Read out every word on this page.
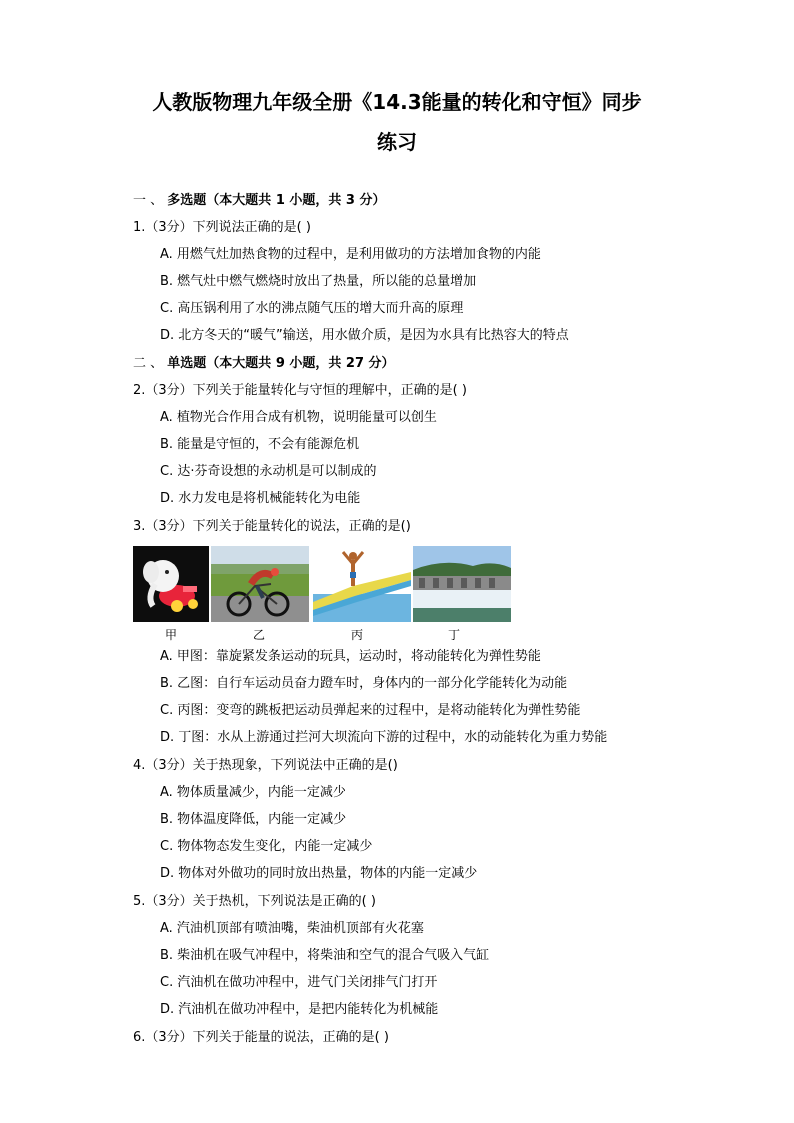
人教版物理九年级全册《14.3能量的转化和守恒》同步
练习
一 、 多选题（本大题共 1 小题，共 3 分）
1.（3分）下列说法正确的是( )
A. 用燃气灶加热食物的过程中，是利用做功的方法增加食物的内能
B. 燃气灶中燃气燃烧时放出了热量，所以能的总量增加
C. 高压锅利用了水的沸点随气压的增大而升高的原理
D. 北方冬天的“暖气”输送，用水做介质，是因为水具有比热容大的特点
二 、 单选题（本大题共 9 小题，共 27 分）
2.（3分）下列关于能量转化与守恒的理解中，正确的是( )
A. 植物光合作用合成有机物，说明能量可以创生
B. 能量是守恒的，不会有能源危机
C. 达·芬奇设想的永动机是可以制成的
D. 水力发电是将机械能转化为电能
3.（3分）下列关于能量转化的说法，正确的是()
甲	乙	丙	丁
A. 甲图：靠旋紧发条运动的玩具，运动时，将动能转化为弹性势能
B. 乙图：自行车运动员奋力蹬车时，身体内的一部分化学能转化为动能
C. 丙图：变弯的跳板把运动员弹起来的过程中，是将动能转化为弹性势能
D. 丁图：水从上游通过拦河大坝流向下游的过程中，水的动能转化为重力势能
4.（3分）关于热现象，下列说法中正确的是()
A. 物体质量减少，内能一定减少
B. 物体温度降低，内能一定减少
C. 物体物态发生变化，内能一定减少
D. 物体对外做功的同时放出热量，物体的内能一定减少
5.（3分）关于热机，下列说法是正确的( )
A. 汽油机顶部有喷油嘴，柴油机顶部有火花塞
B. 柴油机在吸气冲程中，将柴油和空气的混合气吸入气缸
C. 汽油机在做功冲程中，进气门关闭排气门打开
D. 汽油机在做功冲程中，是把内能转化为机械能
6.（3分）下列关于能量的说法，正确的是( )
